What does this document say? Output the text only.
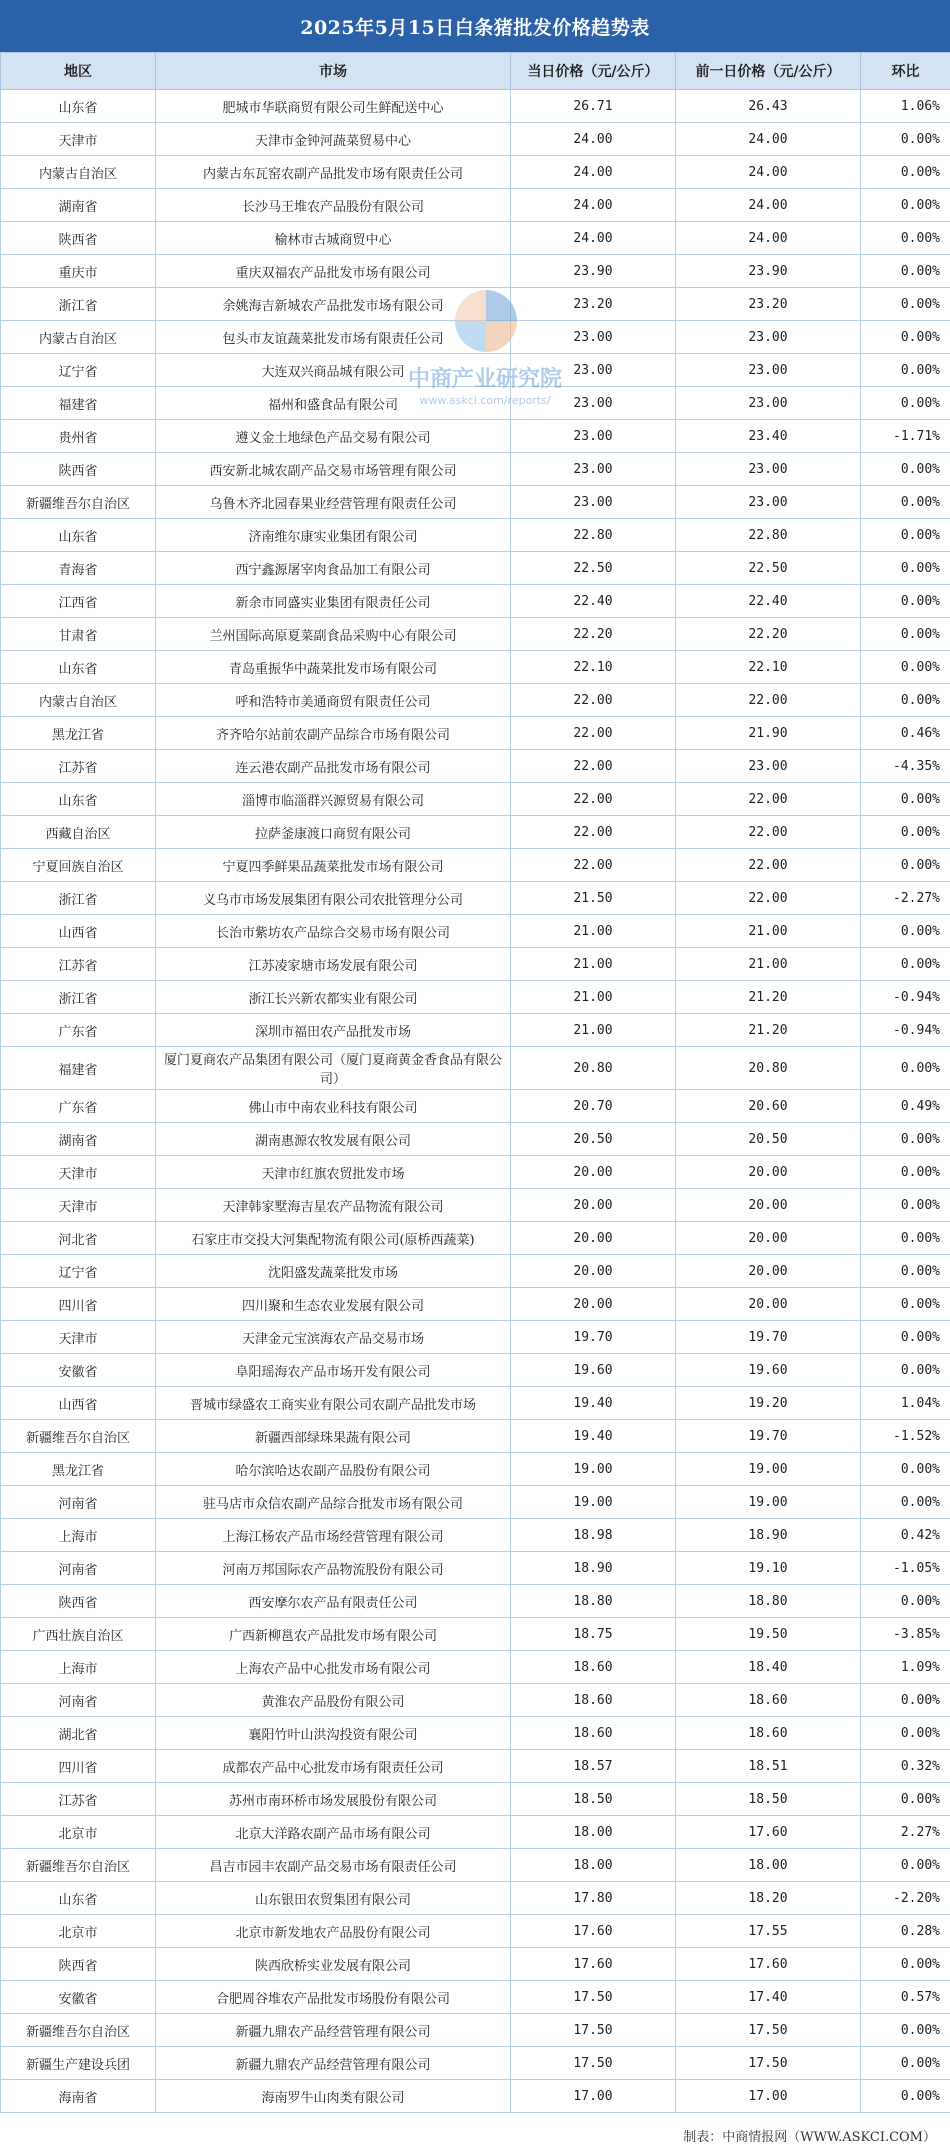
2025年5月15日白条猪批发价格趋势表
地区	市场	当日价格（元/公斤）	前一日价格（元/公斤）	环比
山东省	肥城市华联商贸有限公司生鲜配送中心	26.71	26.43	1.06%
天津市	天津市金钟河蔬菜贸易中心	24.00	24.00	0.00%
内蒙古自治区	内蒙古东瓦窑农副产品批发市场有限责任公司	24.00	24.00	0.00%
湖南省	长沙马王堆农产品股份有限公司	24.00	24.00	0.00%
陕西省	榆林市古城商贸中心	24.00	24.00	0.00%
重庆市	重庆双福农产品批发市场有限公司	23.90	23.90	0.00%
浙江省	余姚海吉新城农产品批发市场有限公司	23.20	23.20	0.00%
内蒙古自治区	包头市友谊蔬菜批发市场有限责任公司	23.00	23.00	0.00%
辽宁省	大连双兴商品城有限公司	23.00	23.00	0.00%
福建省	福州和盛食品有限公司	23.00	23.00	0.00%
贵州省	遵义金土地绿色产品交易有限公司	23.00	23.40	-1.71%
陕西省	西安新北城农副产品交易市场管理有限公司	23.00	23.00	0.00%
新疆维吾尔自治区	乌鲁木齐北园春果业经营管理有限责任公司	23.00	23.00	0.00%
山东省	济南维尔康实业集团有限公司	22.80	22.80	0.00%
青海省	西宁鑫源屠宰肉食品加工有限公司	22.50	22.50	0.00%
江西省	新余市同盛实业集团有限责任公司	22.40	22.40	0.00%
甘肃省	兰州国际高原夏菜副食品采购中心有限公司	22.20	22.20	0.00%
山东省	青岛重振华中蔬菜批发市场有限公司	22.10	22.10	0.00%
内蒙古自治区	呼和浩特市美通商贸有限责任公司	22.00	22.00	0.00%
黑龙江省	齐齐哈尔站前农副产品综合市场有限公司	22.00	21.90	0.46%
江苏省	连云港农副产品批发市场有限公司	22.00	23.00	-4.35%
山东省	淄博市临淄群兴源贸易有限公司	22.00	22.00	0.00%
西藏自治区	拉萨釜康渡口商贸有限公司	22.00	22.00	0.00%
宁夏回族自治区	宁夏四季鲜果品蔬菜批发市场有限公司	22.00	22.00	0.00%
浙江省	义乌市市场发展集团有限公司农批管理分公司	21.50	22.00	-2.27%
山西省	长治市紫坊农产品综合交易市场有限公司	21.00	21.00	0.00%
江苏省	江苏凌家塘市场发展有限公司	21.00	21.00	0.00%
浙江省	浙江长兴新农都实业有限公司	21.00	21.20	-0.94%
广东省	深圳市福田农产品批发市场	21.00	21.20	-0.94%
福建省	厦门夏商农产品集团有限公司（厦门夏商黄金香食品有限公司）	20.80	20.80	0.00%
广东省	佛山市中南农业科技有限公司	20.70	20.60	0.49%
湖南省	湖南惠源农牧发展有限公司	20.50	20.50	0.00%
天津市	天津市红旗农贸批发市场	20.00	20.00	0.00%
天津市	天津韩家墅海吉星农产品物流有限公司	20.00	20.00	0.00%
河北省	石家庄市交投大河集配物流有限公司(原桥西蔬菜)	20.00	20.00	0.00%
辽宁省	沈阳盛发蔬菜批发市场	20.00	20.00	0.00%
四川省	四川聚和生态农业发展有限公司	20.00	20.00	0.00%
天津市	天津金元宝滨海农产品交易市场	19.70	19.70	0.00%
安徽省	阜阳瑶海农产品市场开发有限公司	19.60	19.60	0.00%
山西省	晋城市绿盛农工商实业有限公司农副产品批发市场	19.40	19.20	1.04%
新疆维吾尔自治区	新疆西部绿珠果蔬有限公司	19.40	19.70	-1.52%
黑龙江省	哈尔滨哈达农副产品股份有限公司	19.00	19.00	0.00%
河南省	驻马店市众信农副产品综合批发市场有限公司	19.00	19.00	0.00%
上海市	上海江杨农产品市场经营管理有限公司	18.98	18.90	0.42%
河南省	河南万邦国际农产品物流股份有限公司	18.90	19.10	-1.05%
陕西省	西安摩尔农产品有限责任公司	18.80	18.80	0.00%
广西壮族自治区	广西新柳邕农产品批发市场有限公司	18.75	19.50	-3.85%
上海市	上海农产品中心批发市场有限公司	18.60	18.40	1.09%
河南省	黄淮农产品股份有限公司	18.60	18.60	0.00%
湖北省	襄阳竹叶山洪沟投资有限公司	18.60	18.60	0.00%
四川省	成都农产品中心批发市场有限责任公司	18.57	18.51	0.32%
江苏省	苏州市南环桥市场发展股份有限公司	18.50	18.50	0.00%
北京市	北京大洋路农副产品市场有限公司	18.00	17.60	2.27%
新疆维吾尔自治区	昌吉市园丰农副产品交易市场有限责任公司	18.00	18.00	0.00%
山东省	山东银田农贸集团有限公司	17.80	18.20	-2.20%
北京市	北京市新发地农产品股份有限公司	17.60	17.55	0.28%
陕西省	陕西欣桥实业发展有限公司	17.60	17.60	0.00%
安徽省	合肥周谷堆农产品批发市场股份有限公司	17.50	17.40	0.57%
新疆维吾尔自治区	新疆九鼎农产品经营管理有限公司	17.50	17.50	0.00%
新疆生产建设兵团	新疆九鼎农产品经营管理有限公司	17.50	17.50	0.00%
海南省	海南罗牛山肉类有限公司	17.00	17.00	0.00%
中商产业研究院
www.askci.com/reports/
制表：中商情报网（WWW.ASKCI.COM）
